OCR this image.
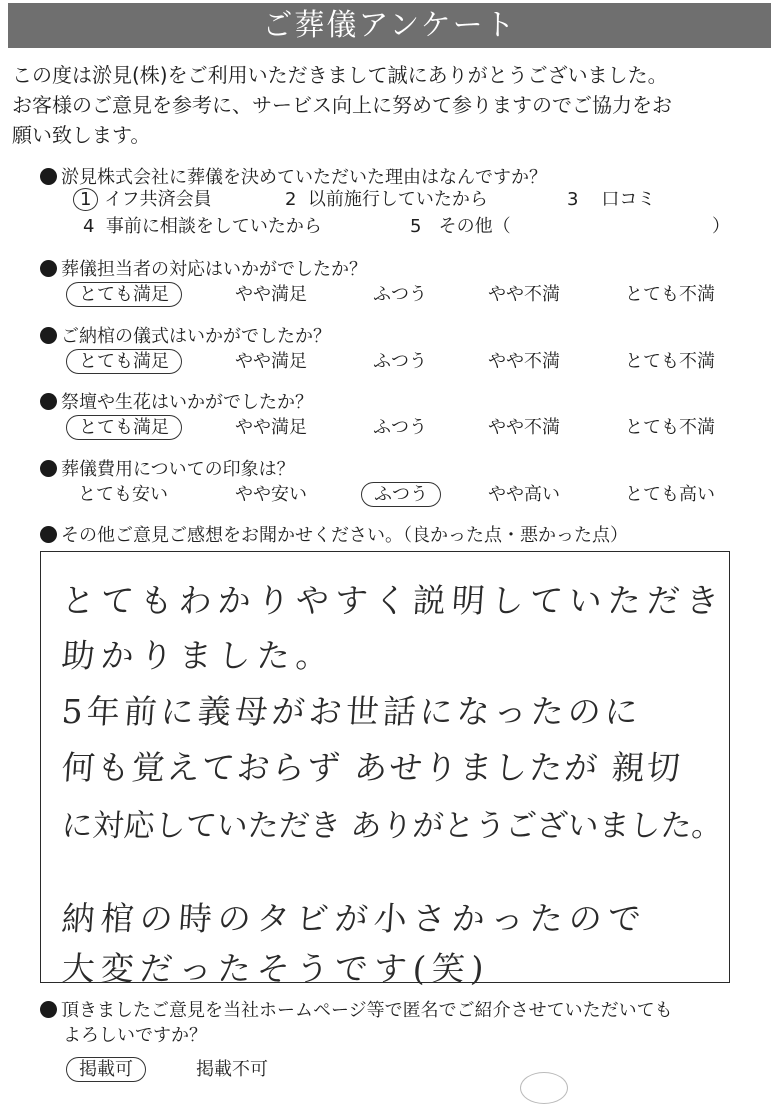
ご葬儀アンケート
この度は淤見(株)をご利用いただきまして誠にありがとうございました。
お客様のご意見を参考に、サービス向上に努めて参りますのでご協力をお
願い致します。
淤見株式会社に葬儀を決めていただいた理由はなんですか？
1 イフ共済会員	2 以前施行していたから	3 口コミ
4 事前に相談をしていたから	5 その他（	）
葬儀担当者の対応はいかがでしたか？
とても満足	やや満足	ふつう	やや不満	とても不満
ご納棺の儀式はいかがでしたか？
とても満足	やや満足	ふつう	やや不満	とても不満
祭壇や生花はいかがでしたか？
とても満足	やや満足	ふつう	やや不満	とても不満
葬儀費用についての印象は？
とても安い	やや安い	ふつう	やや高い	とても高い
その他ご意見ご感想をお聞かせください。（良かった点・悪かった点）
とてもわかりやすく説明していただき
助かりました。
5年前に義母がお世話になったのに
何も覚えておらず あせりましたが 親切
に対応していただき ありがとうございました。
納棺の時のタビが小さかったので
大変だったそうです(笑)
頂きましたご意見を当社ホームページ等で匿名でご紹介させていただいても
よろしいですか？
掲載可	掲載不可
